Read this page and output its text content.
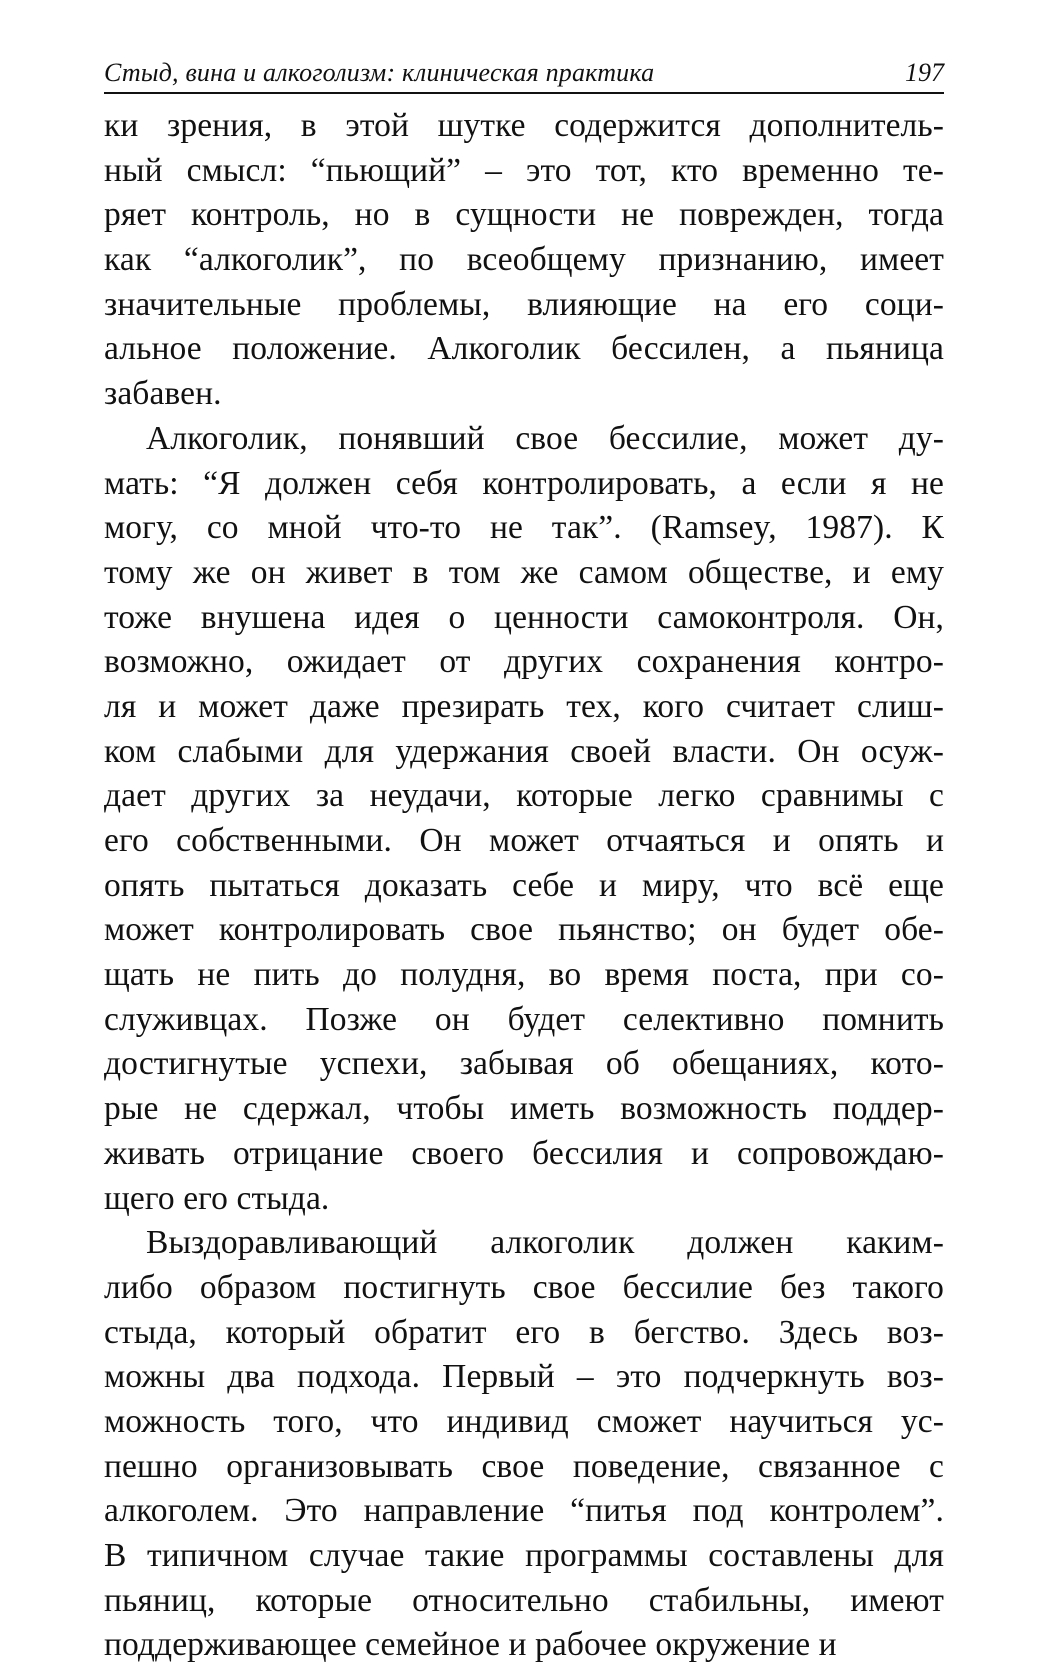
Стыд, вина и алкоголизм: клиническая практика	197
ки зрения, в этой шутке содержится дополнитель-
ный смысл: “пьющий” – это тот, кто временно те-
ряет контроль, но в сущности не поврежден, тогда
как “алкоголик”, по всеобщему признанию, имеет
значительные проблемы, влияющие на его соци-
альное положение. Алкоголик бессилен, а пьяница
забавен.
Алкоголик, понявший свое бессилие, может ду-
мать: “Я должен себя контролировать, а если я не
могу, со мной что-то не так”. (Ramsey, 1987). К
тому же он живет в том же самом обществе, и ему
тоже внушена идея о ценности самоконтроля. Он,
возможно, ожидает от других сохранения контро-
ля и может даже презирать тех, кого считает слиш-
ком слабыми для удержания своей власти. Он осуж-
дает других за неудачи, которые легко сравнимы с
его собственными. Он может отчаяться и опять и
опять пытаться доказать себе и миру, что всё еще
может контролировать свое пьянство; он будет обе-
щать не пить до полудня, во время поста, при со-
служивцах. Позже он будет селективно помнить
достигнутые успехи, забывая об обещаниях, кото-
рые не сдержал, чтобы иметь возможность поддер-
живать отрицание своего бессилия и сопровождаю-
щего его стыда.
Выздоравливающий алкоголик должен каким-
либо образом постигнуть свое бессилие без такого
стыда, который обратит его в бегство. Здесь воз-
можны два подхода. Первый – это подчеркнуть воз-
можность того, что индивид сможет научиться ус-
пешно организовывать свое поведение, связанное с
алкоголем. Это направление “питья под контролем”.
В типичном случае такие программы составлены для
пьяниц, которые относительно стабильны, имеют
поддерживающее семейное и рабочее окружение и
